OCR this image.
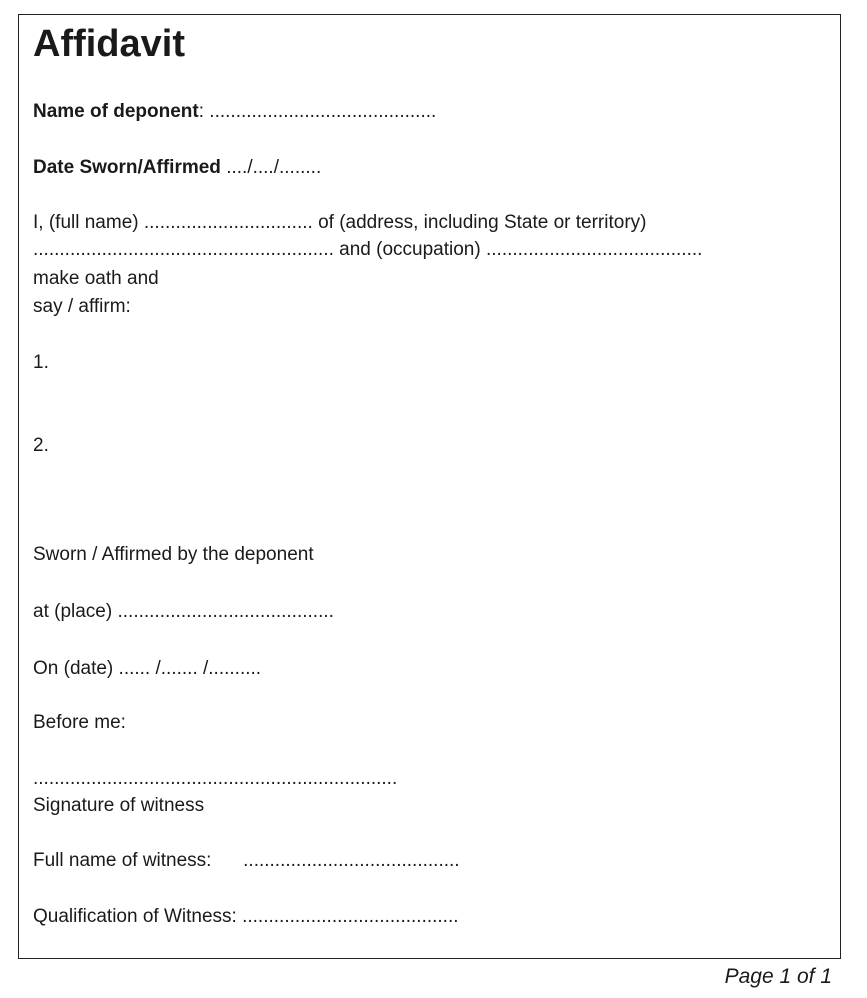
Affidavit
Name of deponent: ...........................................
Date Sworn/Affirmed ..../..../........
I, (full name) ................................ of (address, including State or territory)
......................................................... and (occupation) .........................................
make oath and
say / affirm:
1.
2.
Sworn / Affirmed by the deponent
at (place) .........................................
On (date) ...... /....... /..........
Before me:
.....................................................................
Signature of witness
Full name of witness:      .........................................
Qualification of Witness: .........................................
Page 1 of 1
